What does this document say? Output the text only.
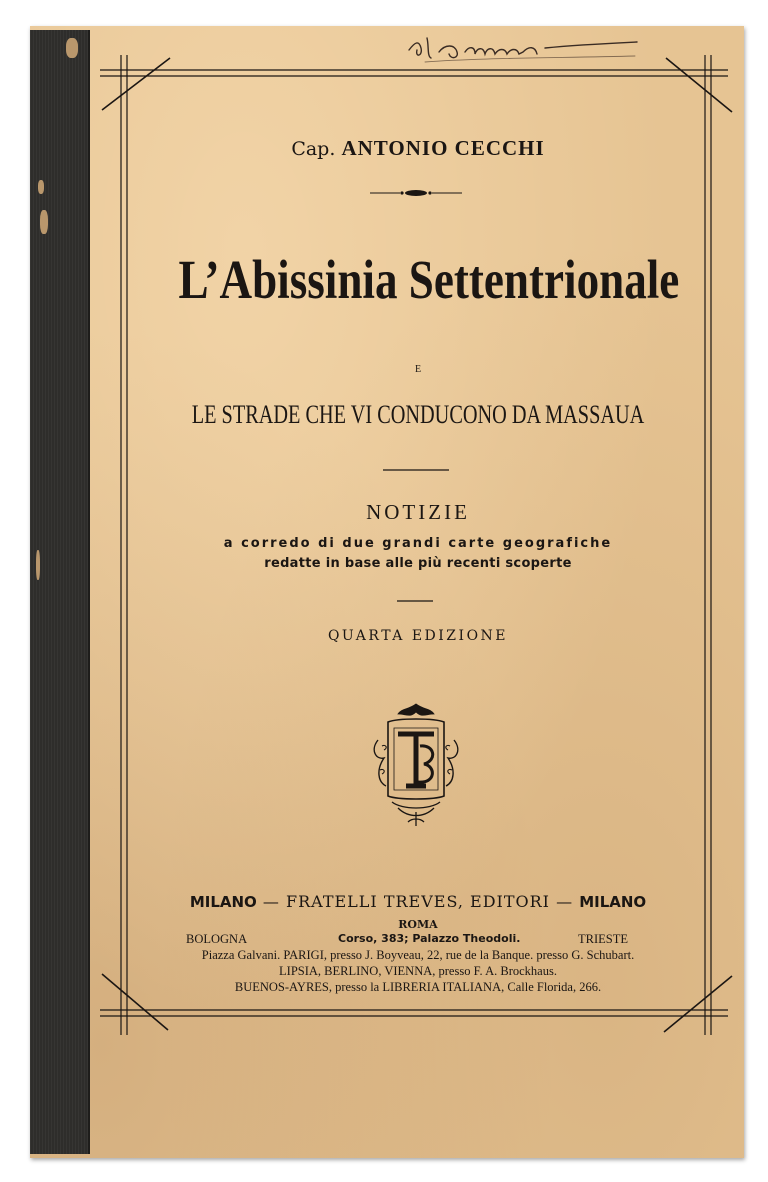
Cap. ANTONIO CECCHI
L’Abissinia Settentrionale
E
LE STRADE CHE VI CONDUCONO DA MASSAUA
NOTIZIE
a corredo di due grandi carte geografiche
redatte in base alle più recenti scoperte
QUARTA EDIZIONE
MILANO — FRATELLI TREVES, EDITORI — MILANO
ROMA
BOLOGNA	Corso, 383; Palazzo Theodoli.	TRIESTE
Piazza Galvani. PARIGI, presso J. Boyveau, 22, rue de la Banque. presso G. Schubart.
LIPSIA, BERLINO, VIENNA, presso F. A. Brockhaus.
BUENOS-AYRES, presso la LIBRERIA ITALIANA, Calle Florida, 266.
